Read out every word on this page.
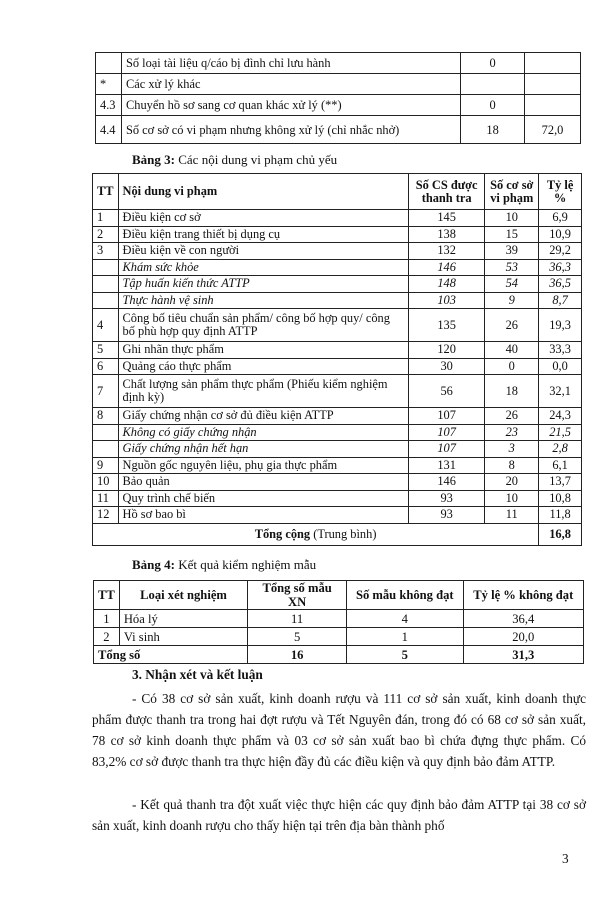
	Số loại tài liệu q/cáo bị đình chỉ lưu hành	0	
*	Các xử lý khác		
4.3	Chuyển hồ sơ sang cơ quan khác xử lý (**)	0	
4.4	Số cơ sở có vi phạm nhưng không xử lý (chỉ nhắc nhở)	18	72,0
Bảng 3: Các nội dung vi phạm chủ yếu
TT	Nội dung vi phạm	Số CS được thanh tra	Số cơ sở vi phạm	Tỷ lệ %
1	Điều kiện cơ sở	145	10	6,9
2	Điều kiện trang thiết bị dụng cụ	138	15	10,9
3	Điều kiện về con người	132	39	29,2
	Khám sức khỏe	146	53	36,3
	Tập huấn kiến thức ATTP	148	54	36,5
	Thực hành vệ sinh	103	9	8,7
4	Công bố tiêu chuẩn sản phẩm/ công bố hợp quy/ công bố phù hợp quy định ATTP	135	26	19,3
5	Ghi nhãn thực phẩm	120	40	33,3
6	Quảng cáo thực phẩm	30	0	0,0
7	Chất lượng sản phẩm thực phẩm (Phiếu kiểm nghiệm định kỳ)	56	18	32,1
8	Giấy chứng nhận cơ sở đủ điều kiện ATTP	107	26	24,3
	Không có giấy chứng nhận	107	23	21,5
	Giấy chứng nhận hết hạn	107	3	2,8
9	Nguồn gốc nguyên liệu, phụ gia thực phẩm	131	8	6,1
10	Bảo quản	146	20	13,7
11	Quy trình chế biến	93	10	10,8
12	Hồ sơ bao bì	93	11	11,8
Tổng cộng (Trung bình)				16,8
Bảng 4: Kết quả kiểm nghiệm mẫu
TT	Loại xét nghiệm	Tổng số mẫu XN	Số mẫu không đạt	Tỷ lệ % không đạt
1	Hóa lý	11	4	36,4
2	Vi sinh	5	1	20,0
Tổng số		16	5	31,3
3. Nhận xét và kết luận
- Có 38 cơ sở sản xuất, kinh doanh rượu và 111 cơ sở sản xuất, kinh doanh thực phẩm được thanh tra trong hai đợt rượu và Tết Nguyên đán, trong đó có 68 cơ sở sản xuất, 78 cơ sở kinh doanh thực phẩm và 03 cơ sở sản xuất bao bì chứa đựng thực phẩm. Có 83,2% cơ sở được thanh tra thực hiện đầy đủ các điều kiện và quy định bảo đảm ATTP.
- Kết quả thanh tra đột xuất việc thực hiện các quy định bảo đảm ATTP tại 38 cơ sở sản xuất, kinh doanh rượu cho thấy hiện tại trên địa bàn thành phố
3
